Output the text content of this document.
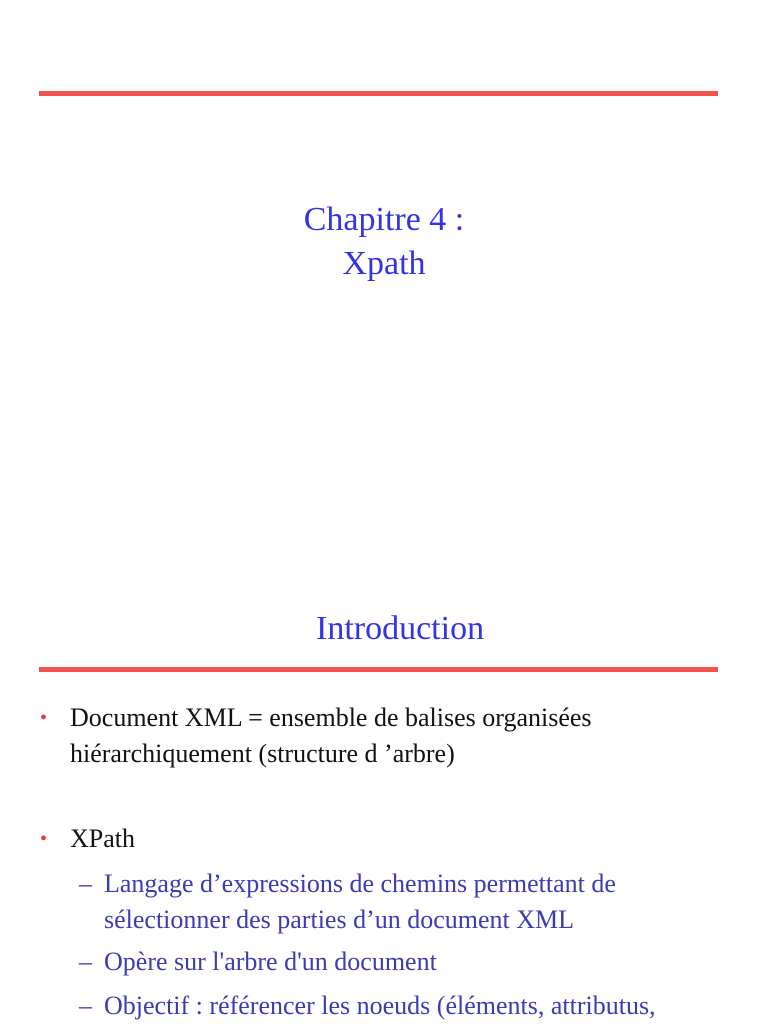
Chapitre 4 :
Xpath
Introduction
• Document XML = ensemble de balises organisées
hiérarchiquement (structure d ’arbre)
• XPath
– Langage d’expressions de chemins permettant de
sélectionner des parties d’un document XML
– Opère sur l'arbre d'un document
– Objectif : référencer les noeuds (éléments, attributus,
